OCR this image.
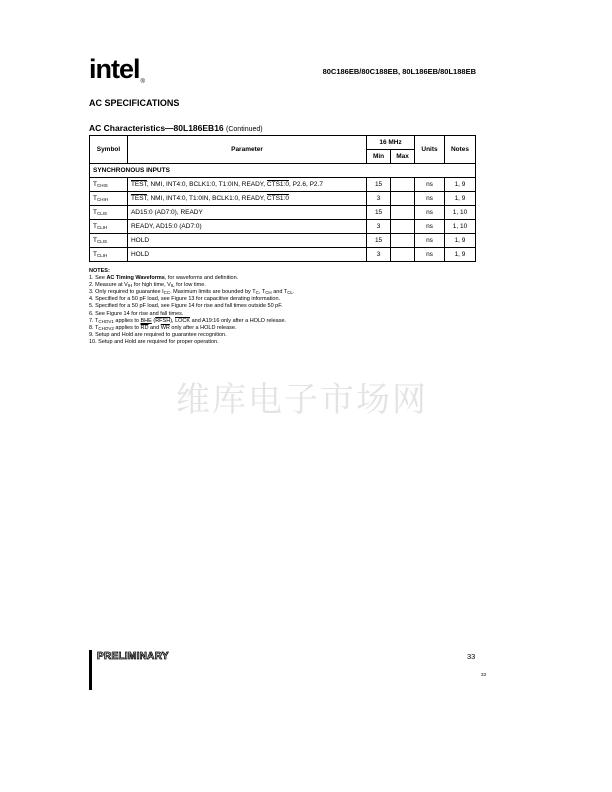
intel®
80C186EB/80C188EB, 80L186EB/80L188EB
AC SPECIFICATIONS
AC Characteristics—80L186EB16 (Continued)
Symbol	Parameter	16 MHz		Units	Notes
		Min	Max		
SYNCHRONOUS INPUTS					
$T_{CHIS}$	TEST, NMI, INT4:0, BCLK1:0, T1:0IN, READY, CTS1:0, P2.6, P2.7	15		ns	1, 9
$T_{CHIH}$	TEST, NMI, INT4:0, T1:0IN, BCLK1:0, READY, CTS1:0	3		ns	1, 9
$T_{CLIS}$	AD15:0 (AD7:0), READY	15		ns	1, 10
$T_{CLIH}$	READY, AD15:0 (AD7:0)	3		ns	1, 10
$T_{CLIS}$	HOLD	15		ns	1, 9
$T_{CLIH}$	HOLD	3		ns	1, 9
NOTES:
1. See AC Timing Waveforms, for waveforms and definition.
2. Measure at $V_{IH}$ for high time, $V_{IL}$ for low time.
3. Only required to guarantee $I_{CC}$. Maximum limits are bounded by $T_C$, $T_{CH}$ and $T_{CL}$.
4. Specified for a 50 pF load, see Figure 13 for capacitive derating information.
5. Specified for a 50 pF load, see Figure 14 for rise and fall times outside 50 pF.
6. See Figure 14 for rise and fall times.
7. $T_{CHOV1}$ applies to BHE (RFSH), LOCK and A19:16 only after a HOLD release.
8. $T_{CHOV2}$ applies to $\overline{RD}$ and $\overline{WR}$ only after a HOLD release.
9. Setup and Hold are required to guarantee recognition.
10. Setup and Hold are required for proper operation.
维库电子市场网
PRELIMINARY	33
33
